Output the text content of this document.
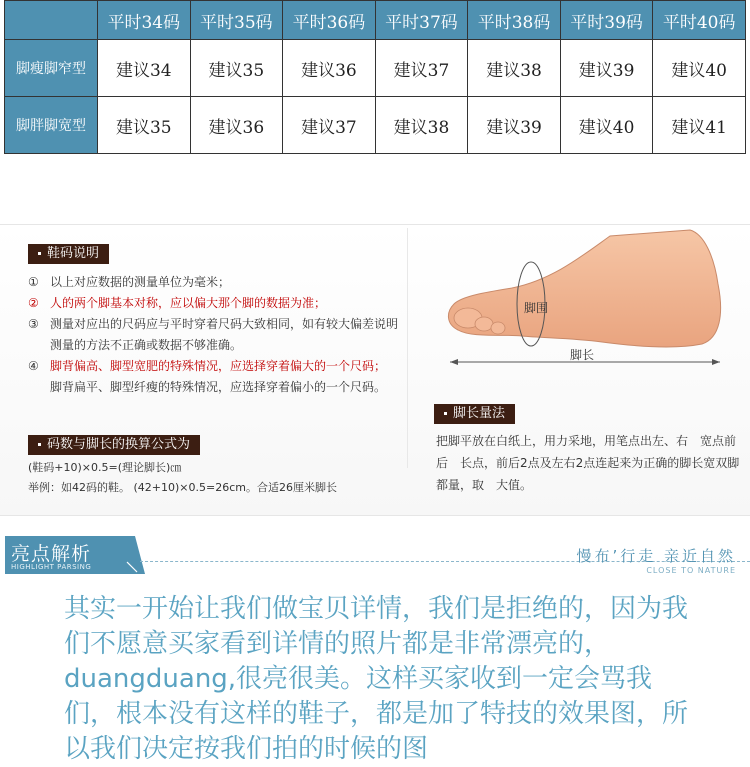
	平时34码	平时35码	平时36码	平时37码	平时38码	平时39码	平时40码
脚瘦脚窄型	建议34	建议35	建议36	建议37	建议38	建议39	建议40
脚胖脚宽型	建议35	建议36	建议37	建议38	建议39	建议40	建议41
鞋码说明
① 以上对应数据的测量单位为毫米；
② 人的两个脚基本对称，应以偏大那个脚的数据为准；
③ 测量对应出的尺码应与平时穿着尺码大致相同，如有较大偏差说明测量的方法不正确或数据不够准确。
④ 脚背偏高、脚型宽肥的特殊情况，应选择穿着偏大的一个尺码；脚背扁平、脚型纤瘦的特殊情况，应选择穿着偏小的一个尺码。
码数与脚长的换算公式为
(鞋码+10)×0.5=(理论脚长)㎝
举例：如42码的鞋。 (42+10)×0.5=26cm。合适26厘米脚长
脚围
脚长
脚长量法
把脚平放在白纸上，用力采地，用笔点出左、右　宽点前后　长点，前后2点及左右2点连起来为正确的脚长宽双脚都量，取　大值。
亮点解析
HIGHLIGHT PARSING
慢布’行走 亲近自然
CLOSE TO NATURE
其实一开始让我们做宝贝详情，我们是拒绝的，因为我们不愿意买家看到详情的照片都是非常漂亮的，duangduang,很亮很美。这样买家收到一定会骂我们，根本没有这样的鞋子，都是加了特技的效果图，所以我们决定按我们拍的时候的图
